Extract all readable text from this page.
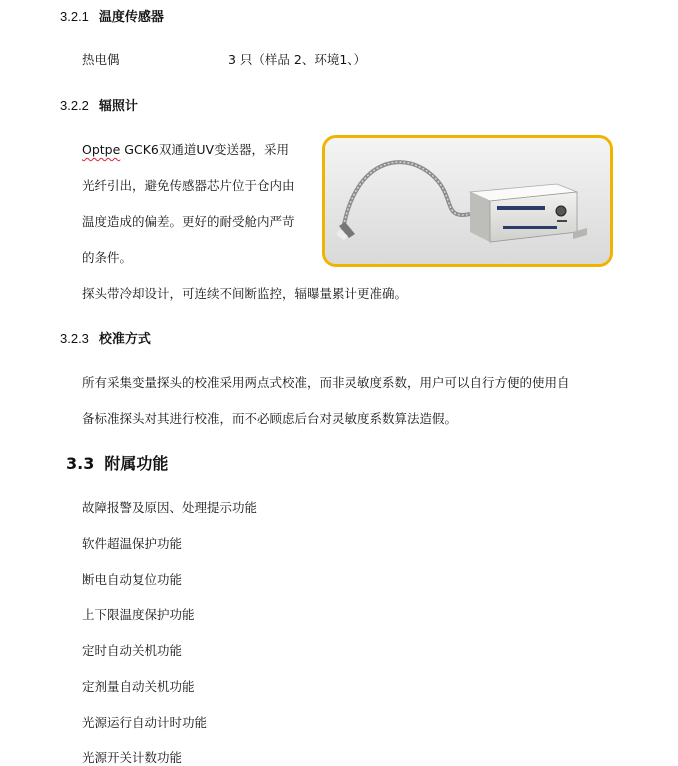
3.2.1 温度传感器
热电偶	3 只（样品 2、环境1、）
3.2.2 辐照计
Optpe GCK6双通道UV变送器，采用
光纤引出，避免传感器芯片位于仓内由
温度造成的偏差。更好的耐受舱内严苛
的条件。
探头带冷却设计，可连续不间断监控，辐曝量累计更准确。
3.2.3 校准方式
所有采集变量探头的校准采用两点式校准，而非灵敏度系数，用户可以自行方便的使用自
备标准探头对其进行校准，而不必顾虑后台对灵敏度系数算法造假。
3.3 附属功能
故障报警及原因、处理提示功能
软件超温保护功能
断电自动复位功能
上下限温度保护功能
定时自动关机功能
定剂量自动关机功能
光源运行自动计时功能
光源开关计数功能
